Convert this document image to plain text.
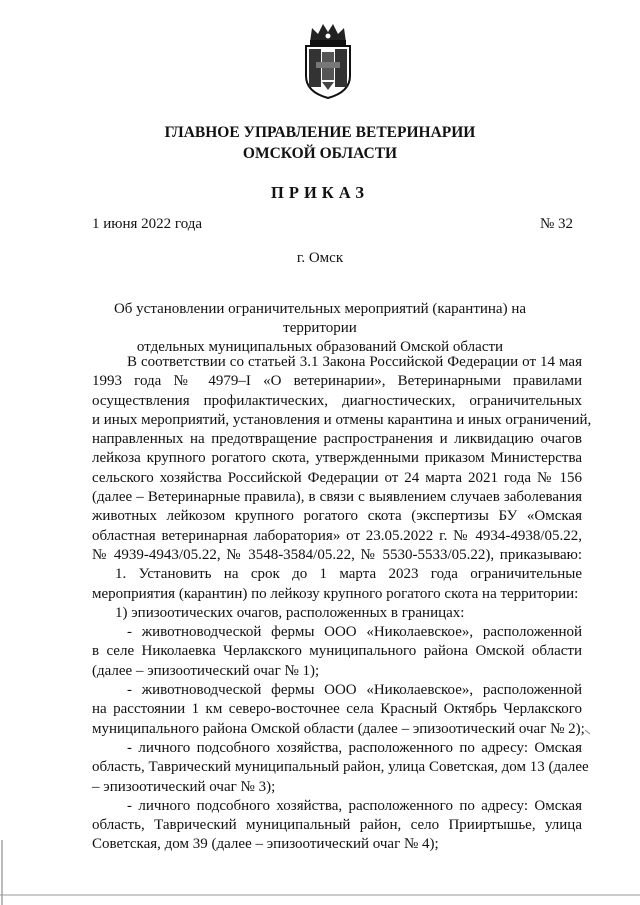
ГЛАВНОЕ УПРАВЛЕНИЕ ВЕТЕРИНАРИИ
ОМСКОЙ ОБЛАСТИ
ПРИКАЗ
1 июня 2022 года	№ 32
г. Омск
Об установлении ограничительных мероприятий (карантина) на территории
отдельных муниципальных образований Омской области
В соответствии со статьей 3.1 Закона Российской Федерации от 14 мая
1993 года № 4979–I «О ветеринарии», Ветеринарными правилами
осуществления профилактических, диагностических, ограничительных
и иных мероприятий, установления и отмены карантина и иных ограничений,
направленных на предотвращение распространения и ликвидацию очагов
лейкоза крупного рогатого скота, утвержденными приказом Министерства
сельского хозяйства Российской Федерации от 24 марта 2021 года № 156
(далее – Ветеринарные правила), в связи с выявлением случаев заболевания
животных лейкозом крупного рогатого скота (экспертизы БУ «Омская
областная ветеринарная лаборатория» от 23.05.2022 г. № 4934-4938/05.22,
№ 4939-4943/05.22, № 3548-3584/05.22, № 5530-5533/05.22), приказываю:
1. Установить на срок до 1 марта 2023 года ограничительные
мероприятия (карантин) по лейкозу крупного рогатого скота на территории:
1) эпизоотических очагов, расположенных в границах:
- животноводческой фермы ООО «Николаевское», расположенной
в селе Николаевка Черлакского муниципального района Омской области
(далее – эпизоотический очаг № 1);
- животноводческой фермы ООО «Николаевское», расположенной
на расстоянии 1 км северо-восточнее села Красный Октябрь Черлакского
муниципального района Омской области (далее – эпизоотический очаг № 2);
- личного подсобного хозяйства, расположенного по адресу: Омская
область, Таврический муниципальный район, улица Советская, дом 13 (далее
– эпизоотический очаг № 3);
- личного подсобного хозяйства, расположенного по адресу: Омская
область, Таврический муниципальный район, село Прииртышье, улица
Советская, дом 39 (далее – эпизоотический очаг № 4);
